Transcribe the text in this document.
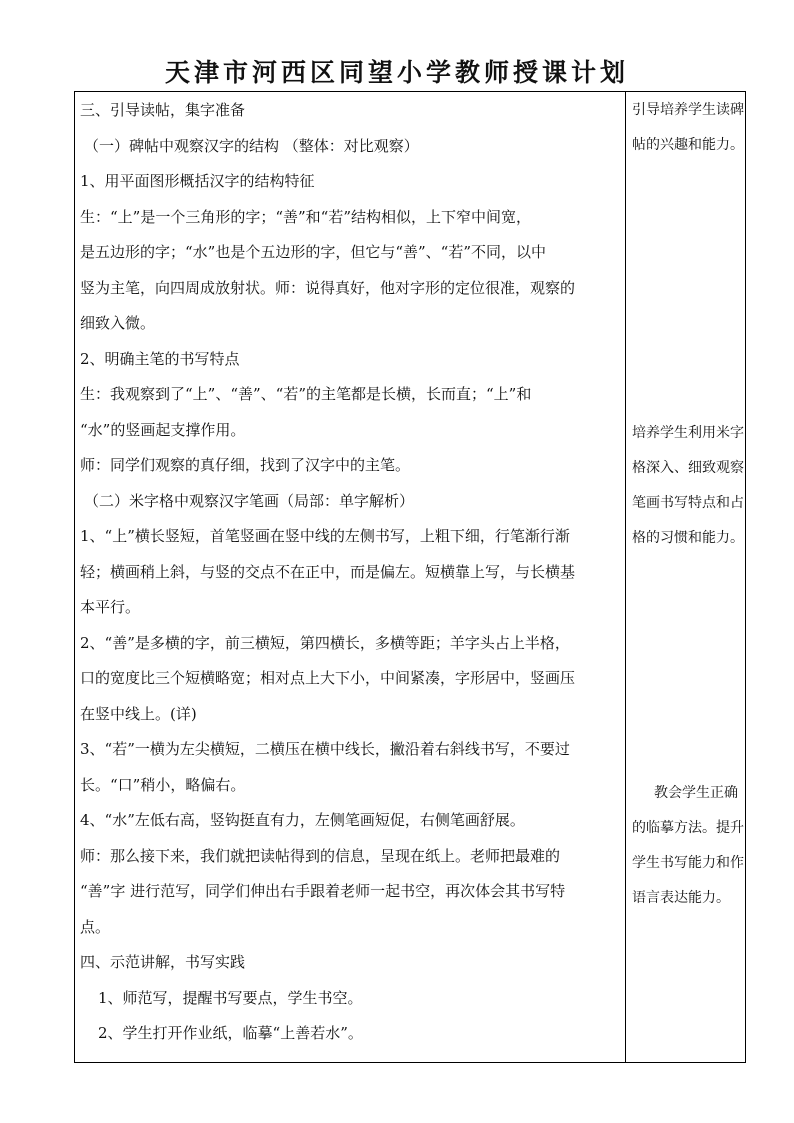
天津市河西区同望小学教师授课计划
三、引导读帖，集字准备
（一）碑帖中观察汉字的结构 （整体：对比观察）
1、用平面图形概括汉字的结构特征
生：“上”是一个三角形的字；“善”和“若”结构相似，上下窄中间宽，
是五边形的字；“水”也是个五边形的字，但它与“善”、“若”不同，以中
竖为主笔，向四周成放射状。师：说得真好，他对字形的定位很准，观察的
细致入微。
2、明确主笔的书写特点
生：我观察到了“上”、“善”、“若”的主笔都是长横，长而直；“上”和
“水”的竖画起支撑作用。
师：同学们观察的真仔细，找到了汉字中的主笔。
（二）米字格中观察汉字笔画（局部：单字解析）
1、“上”横长竖短，首笔竖画在竖中线的左侧书写，上粗下细，行笔渐行渐
轻；横画稍上斜，与竖的交点不在正中，而是偏左。短横靠上写，与长横基
本平行。
2、“善”是多横的字，前三横短，第四横长，多横等距；羊字头占上半格，
口的宽度比三个短横略宽；相对点上大下小，中间紧凑，字形居中，竖画压
在竖中线上。(详)
3、“若”一横为左尖横短，二横压在横中线长，撇沿着右斜线书写，不要过
长。“口”稍小，略偏右。
4、“水”左低右高，竖钩挺直有力，左侧笔画短促，右侧笔画舒展。
师：那么接下来，我们就把读帖得到的信息，呈现在纸上。老师把最难的
“善”字 进行范写，同学们伸出右手跟着老师一起书空，再次体会其书写特
点。
四、示范讲解，书写实践
1、师范写，提醒书写要点，学生书空。
2、学生打开作业纸，临摹“上善若水”。
引导培养学生读碑
帖的兴趣和能力。
培养学生利用米字
格深入、细致观察
笔画书写特点和占
格的习惯和能力。
教会学生正确
的临摹方法。提升
学生书写能力和作
语言表达能力。
